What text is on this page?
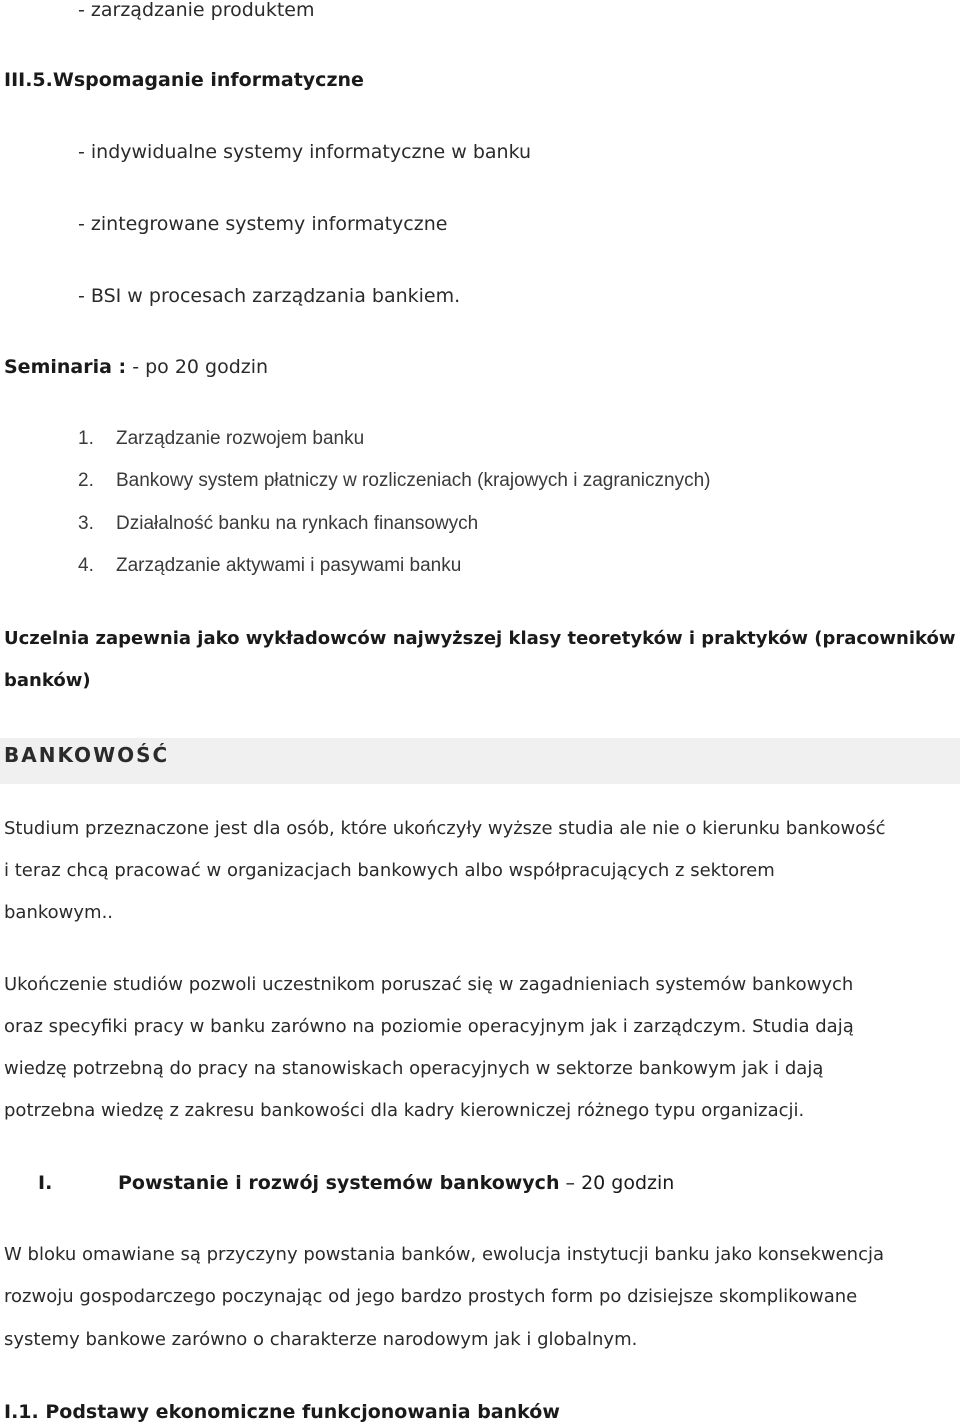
- zarządzanie produktem
III.5.Wspomaganie informatyczne
- indywidualne systemy informatyczne w banku
- zintegrowane systemy informatyczne
- BSI w procesach zarządzania bankiem.
Seminaria : - po 20 godzin
1. Zarządzanie rozwojem banku
2. Bankowy system płatniczy w rozliczeniach (krajowych i zagranicznych)
3. Działalność banku na rynkach finansowych
4. Zarządzanie aktywami i pasywami banku
Uczelnia zapewnia jako wykładowców najwyższej klasy teoretyków i praktyków (pracowników
banków)
BANKOWOŚĆ
Studium przeznaczone jest dla osób, które ukończyły wyższe studia ale nie o kierunku bankowość
i teraz chcą pracować w organizacjach bankowych albo współpracujących z sektorem
bankowym..
Ukończenie studiów pozwoli uczestnikom poruszać się w zagadnieniach systemów bankowych
oraz specyfiki pracy w banku zarówno na poziomie operacyjnym jak i zarządczym. Studia dają
wiedzę potrzebną do pracy na stanowiskach operacyjnych w sektorze bankowym jak i dają
potrzebna wiedzę z zakresu bankowości dla kadry kierowniczej różnego typu organizacji.
I.	Powstanie i rozwój systemów bankowych – 20 godzin
W bloku omawiane są przyczyny powstania banków, ewolucja instytucji banku jako konsekwencja
rozwoju gospodarczego poczynając od jego bardzo prostych form po dzisiejsze skomplikowane
systemy bankowe zarówno o charakterze narodowym jak i globalnym.
I.1. Podstawy ekonomiczne funkcjonowania banków
